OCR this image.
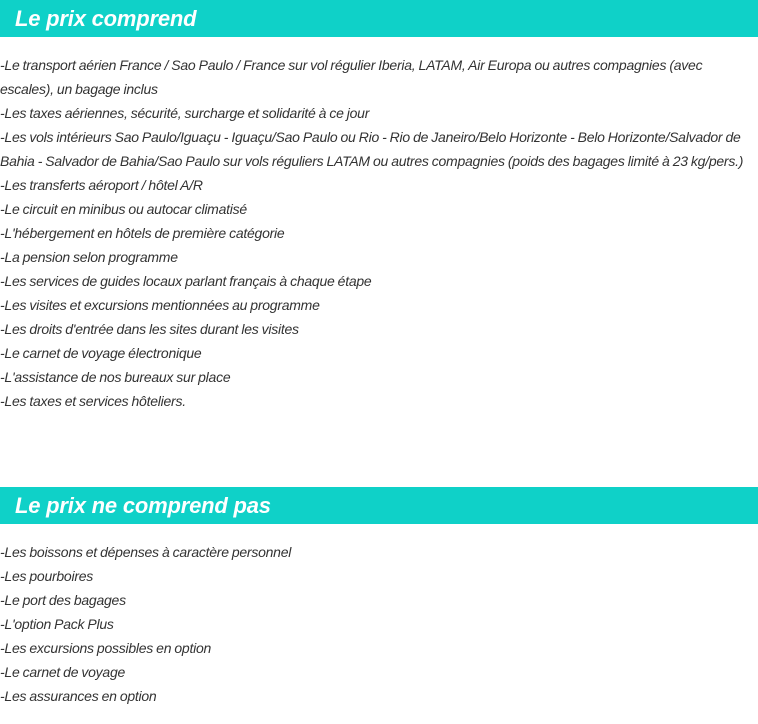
Le prix comprend
-Le transport aérien France / Sao Paulo / France sur vol régulier Iberia, LATAM, Air Europa ou autres compagnies (avec escales), un bagage inclus
-Les taxes aériennes, sécurité, surcharge et solidarité à ce jour
-Les vols intérieurs Sao Paulo/Iguaçu - Iguaçu/Sao Paulo ou Rio - Rio de Janeiro/Belo Horizonte - Belo Horizonte/Salvador de Bahia - Salvador de Bahia/Sao Paulo sur vols réguliers LATAM ou autres compagnies (poids des bagages limité à 23 kg/pers.)
-Les transferts aéroport / hôtel A/R
-Le circuit en minibus ou autocar climatisé
-L'hébergement en hôtels de première catégorie
-La pension selon programme
-Les services de guides locaux parlant français à chaque étape
-Les visites et excursions mentionnées au programme
-Les droits d'entrée dans les sites durant les visites
-Le carnet de voyage électronique
-L'assistance de nos bureaux sur place
-Les taxes et services hôteliers.
Le prix ne comprend pas
-Les boissons et dépenses à caractère personnel
-Les pourboires
-Le port des bagages
-L'option Pack Plus
-Les excursions possibles en option
-Le carnet de voyage
-Les assurances en option
